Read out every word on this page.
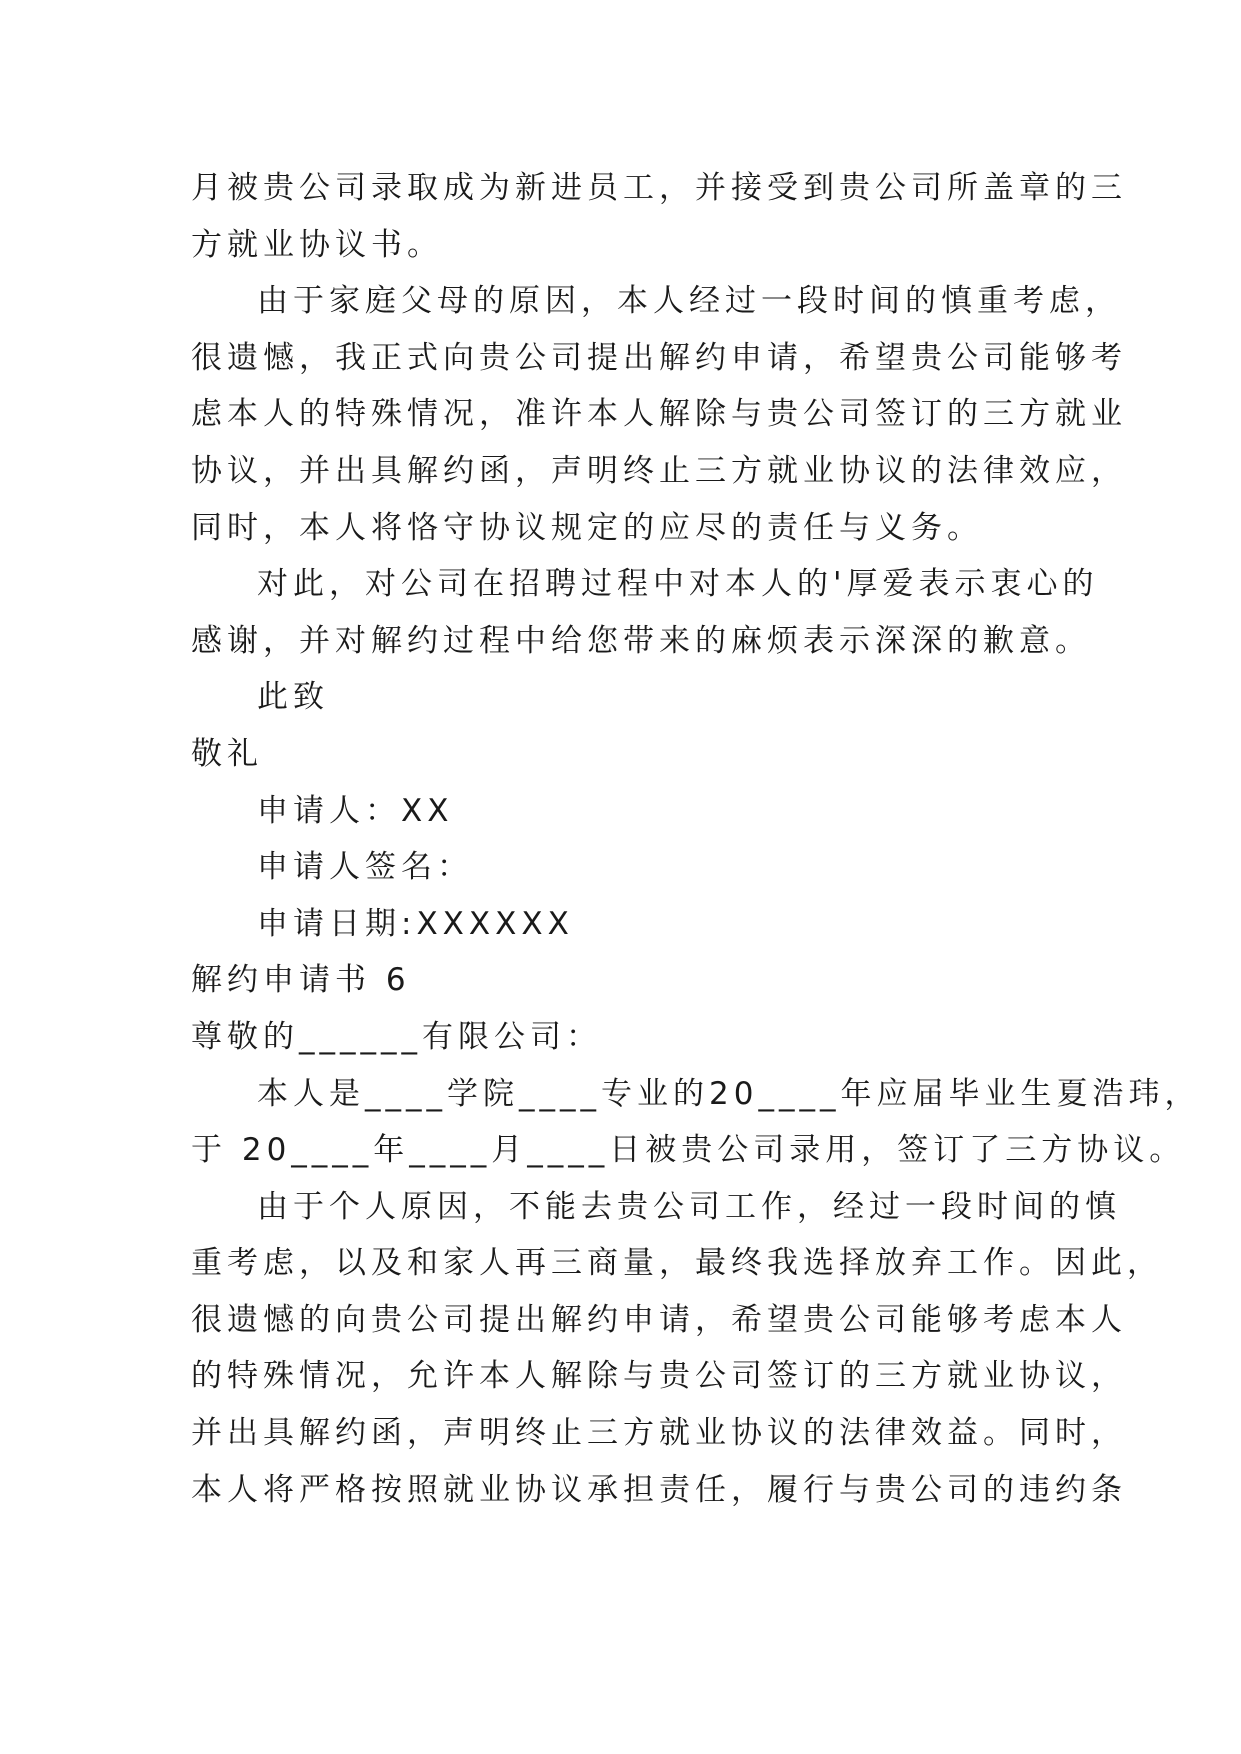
月被贵公司录取成为新进员工，并接受到贵公司所盖章的三
方就业协议书。
由于家庭父母的原因，本人经过一段时间的慎重考虑，
很遗憾，我正式向贵公司提出解约申请，希望贵公司能够考
虑本人的特殊情况，准许本人解除与贵公司签订的三方就业
协议，并出具解约函，声明终止三方就业协议的法律效应，
同时，本人将恪守协议规定的应尽的责任与义务。
对此，对公司在招聘过程中对本人的'厚爱表示衷心的
感谢，并对解约过程中给您带来的麻烦表示深深的歉意。
此致
敬礼
申请人：XX
申请人签名：
申请日期:XXXXXX
解约申请书 6
尊敬的______有限公司：
本人是____学院____专业的20____年应届毕业生夏浩玮，
于 20____年____月____日被贵公司录用，签订了三方协议。
由于个人原因，不能去贵公司工作，经过一段时间的慎
重考虑，以及和家人再三商量，最终我选择放弃工作。因此，
很遗憾的向贵公司提出解约申请，希望贵公司能够考虑本人
的特殊情况，允许本人解除与贵公司签订的三方就业协议，
并出具解约函，声明终止三方就业协议的法律效益。同时，
本人将严格按照就业协议承担责任，履行与贵公司的违约条
